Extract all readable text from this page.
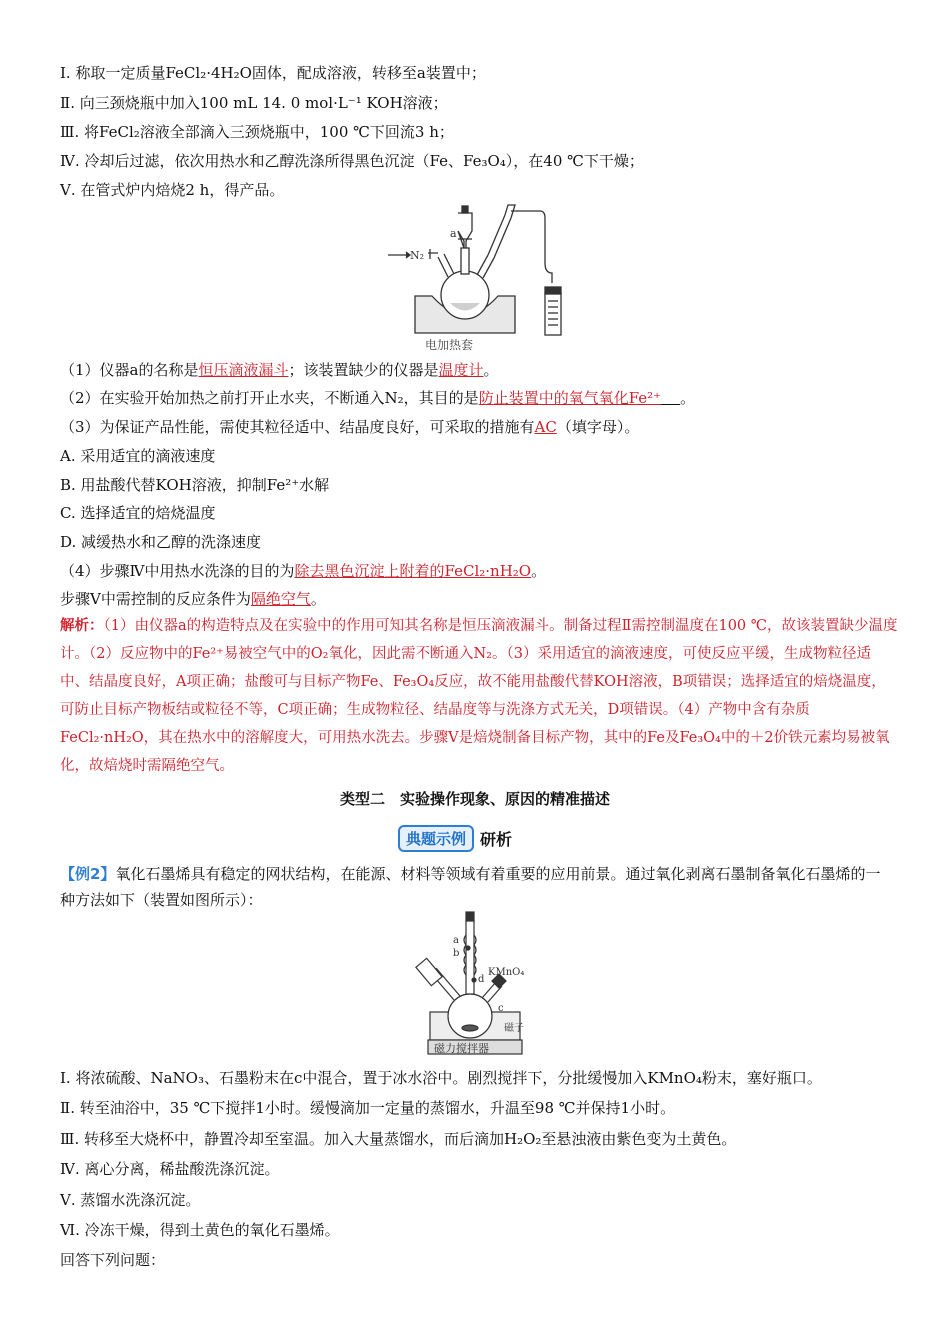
Ⅰ. 称取一定质量FeCl₂·4H₂O固体，配成溶液，转移至a装置中；
Ⅱ. 向三颈烧瓶中加入100 mL 14. 0 mol·L⁻¹ KOH溶液；
Ⅲ. 将FeCl₂溶液全部滴入三颈烧瓶中，100 ℃下回流3 h；
Ⅳ. 冷却后过滤，依次用热水和乙醇洗涤所得黑色沉淀（Fe、Fe₃O₄），在40 ℃下干燥；
Ⅴ. 在管式炉内焙烧2 h，得产品。
a
N₂
电加热套
（1）仪器a的名称是恒压滴液漏斗；该装置缺少的仪器是温度计。
（2）在实验开始加热之前打开止水夹，不断通入N₂，其目的是防止装置中的氧气氧化Fe²⁺ 。
（3）为保证产品性能，需使其粒径适中、结晶度良好，可采取的措施有AC（填字母）。
A. 采用适宜的滴液速度
B. 用盐酸代替KOH溶液，抑制Fe²⁺水解
C. 选择适宜的焙烧温度
D. 减缓热水和乙醇的洗涤速度
（4）步骤Ⅳ中用热水洗涤的目的为除去黑色沉淀上附着的FeCl₂·nH₂O。
步骤Ⅴ中需控制的反应条件为隔绝空气。
解析：（1）由仪器a的构造特点及在实验中的作用可知其名称是恒压滴液漏斗。制备过程Ⅱ需控制温度在100 ℃，故该装置缺少温度计。（2）反应物中的Fe²⁺易被空气中的O₂氧化，因此需不断通入N₂。（3）采用适宜的滴液速度，可使反应平缓，生成物粒径适中、结晶度良好，A项正确；盐酸可与目标产物Fe、Fe₃O₄反应，故不能用盐酸代替KOH溶液，B项错误；选择适宜的焙烧温度，可防止目标产物板结或粒径不等，C项正确；生成物粒径、结晶度等与洗涤方式无关，D项错误。（4）产物中含有杂质FeCl₂·nH₂O，其在热水中的溶解度大，可用热水洗去。步骤Ⅴ是焙烧制备目标产物，其中的Fe及Fe₃O₄中的＋2价铁元素均易被氧化，故焙烧时需隔绝空气。
类型二　实验操作现象、原因的精准描述
典题示例 研析
【例2】氧化石墨烯具有稳定的网状结构，在能源、材料等领域有着重要的应用前景。通过氧化剥离石墨制备氧化石墨烯的一种方法如下（装置如图所示）：
a
b
d
KMnO₄
c
磁子
磁力搅拌器
Ⅰ. 将浓硫酸、NaNO₃、石墨粉末在c中混合，置于冰水浴中。剧烈搅拌下，分批缓慢加入KMnO₄粉末，塞好瓶口。
Ⅱ. 转至油浴中，35 ℃下搅拌1小时。缓慢滴加一定量的蒸馏水，升温至98 ℃并保持1小时。
Ⅲ. 转移至大烧杯中，静置冷却至室温。加入大量蒸馏水，而后滴加H₂O₂至悬浊液由紫色变为土黄色。
Ⅳ. 离心分离，稀盐酸洗涤沉淀。
Ⅴ. 蒸馏水洗涤沉淀。
Ⅵ. 冷冻干燥，得到土黄色的氧化石墨烯。
回答下列问题：
